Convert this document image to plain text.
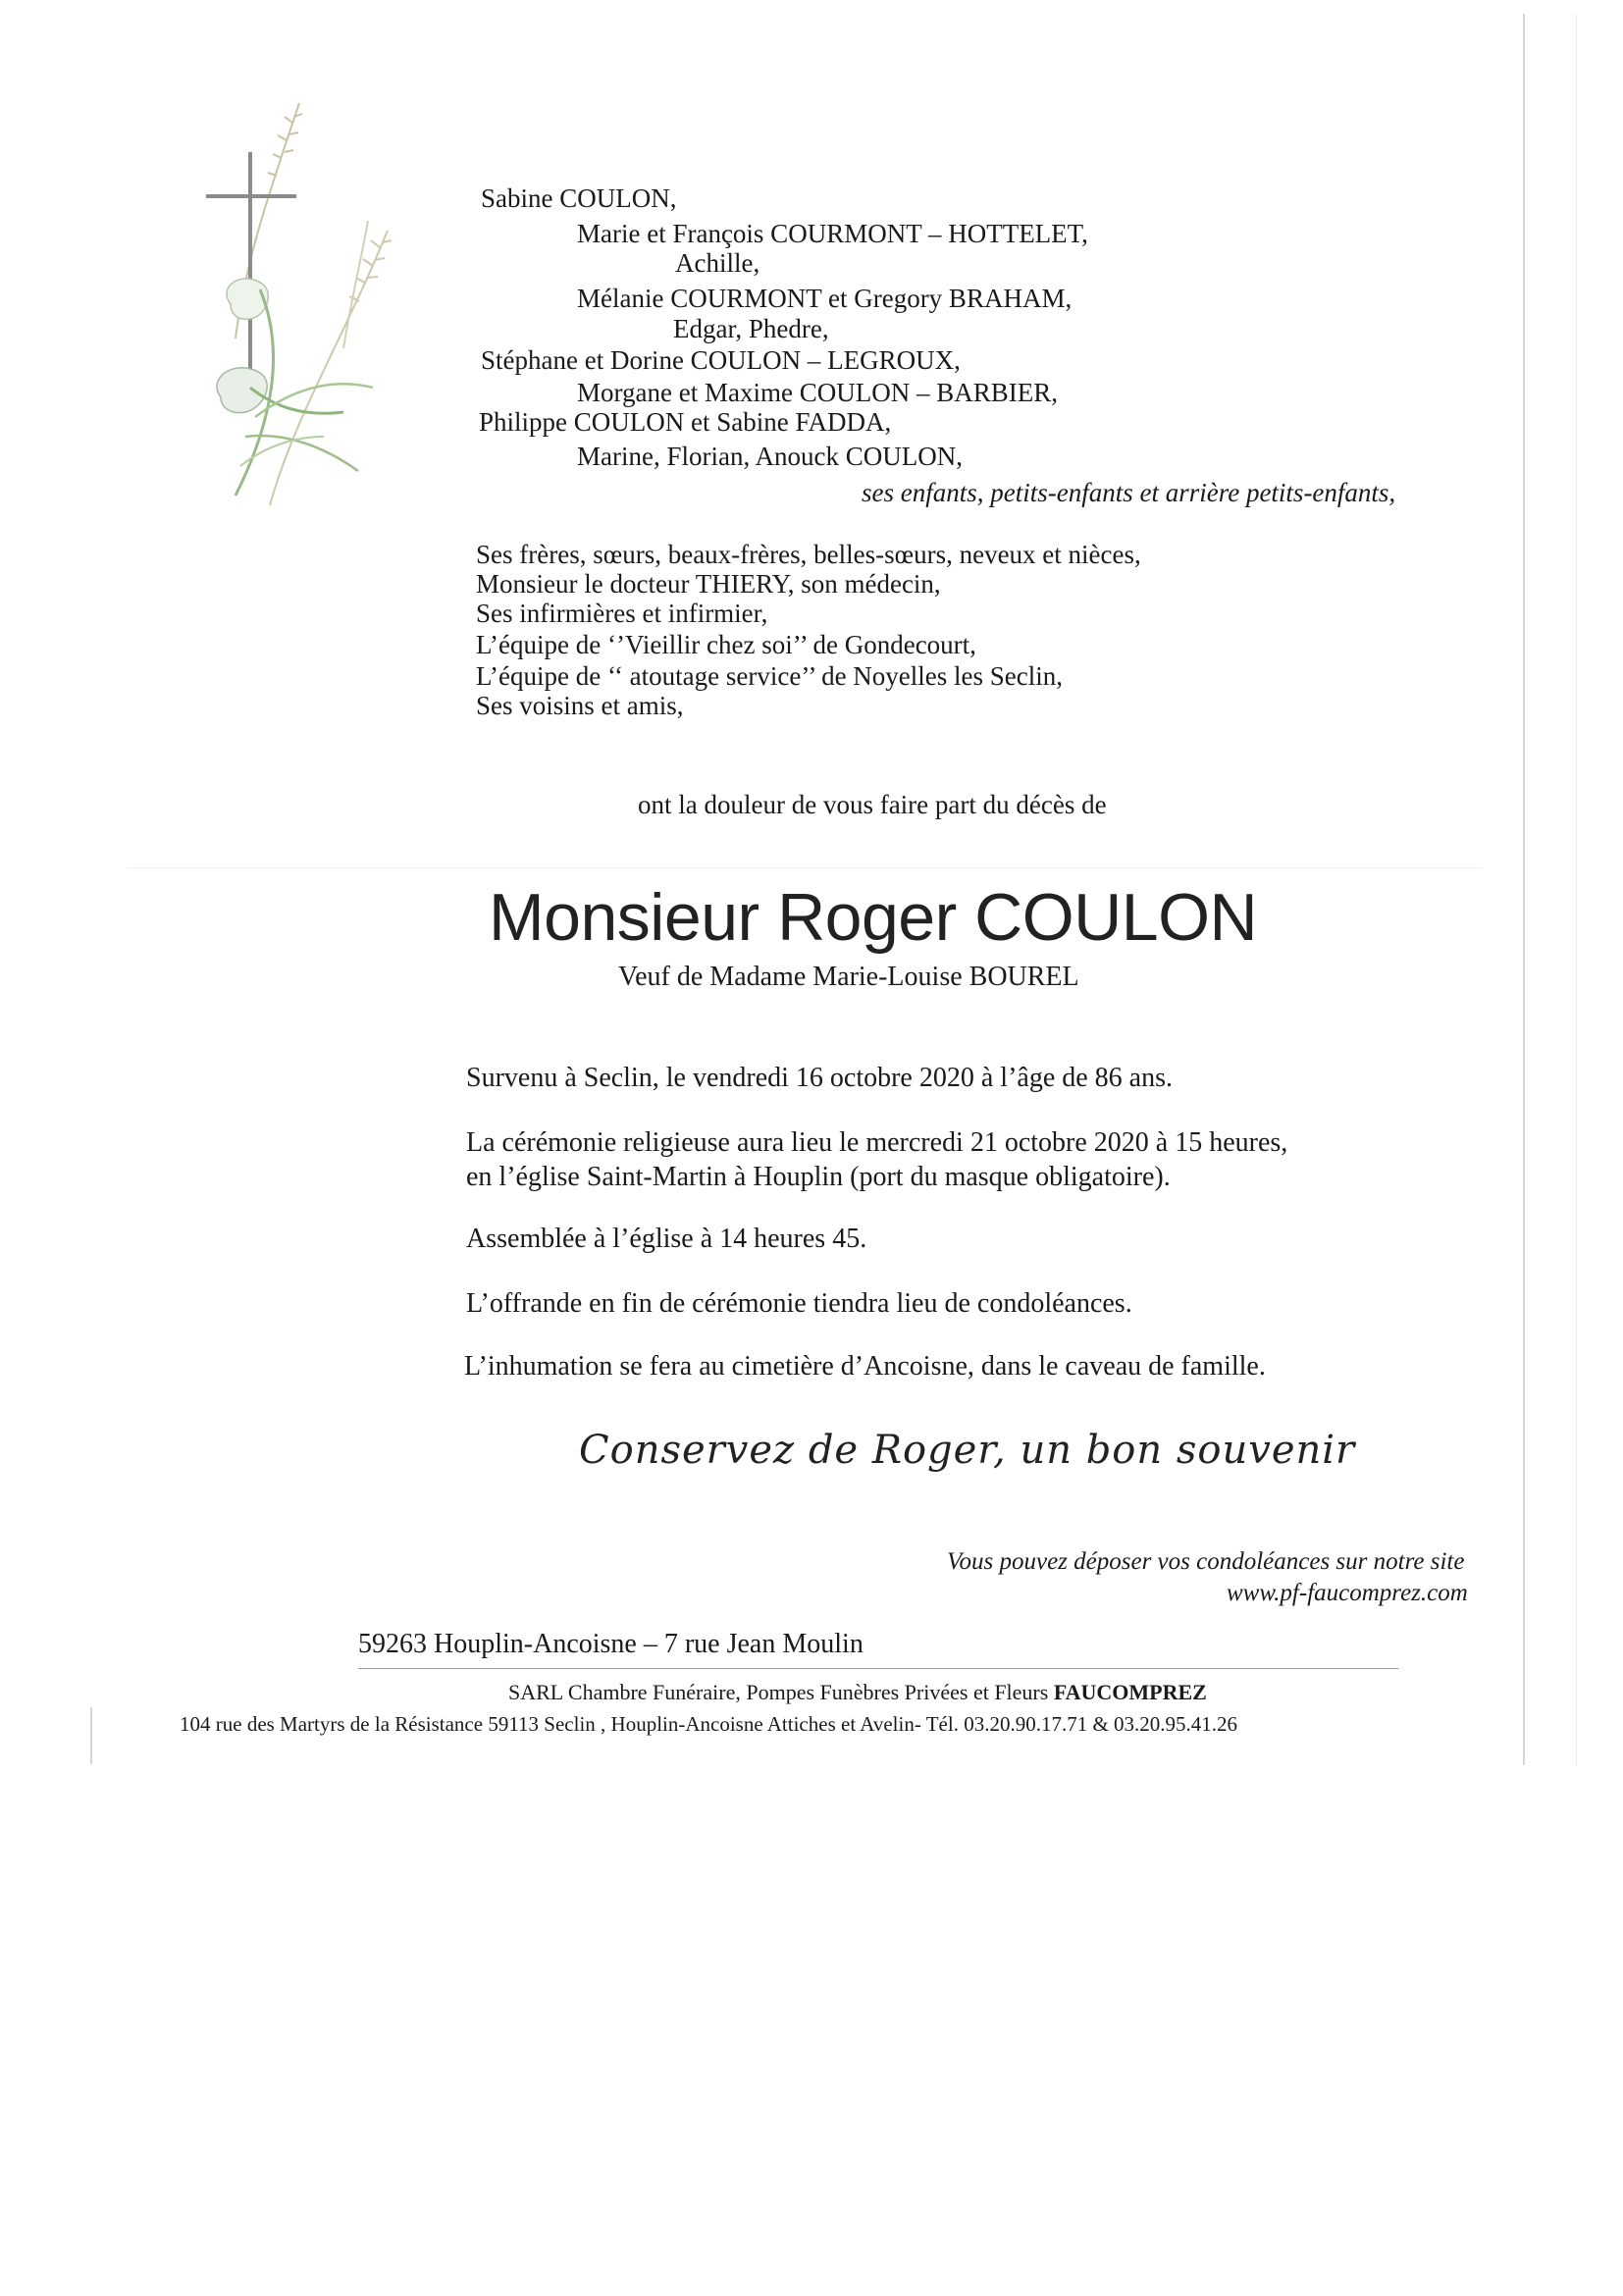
Sabine COULON,
Marie et François COURMONT – HOTTELET,
Achille,
Mélanie COURMONT et Gregory BRAHAM,
Edgar, Phedre,
Stéphane et Dorine COULON – LEGROUX,
Morgane et Maxime COULON – BARBIER,
Philippe COULON et Sabine FADDA,
Marine, Florian, Anouck COULON,
ses enfants, petits-enfants et arrière petits-enfants,
Ses frères, sœurs, beaux-frères, belles-sœurs, neveux et nièces,
Monsieur le docteur THIERY, son médecin,
Ses infirmières et infirmier,
L’équipe de ‘’Vieillir chez soi’’ de Gondecourt,
L’équipe de ‘‘ atoutage service’’ de Noyelles les Seclin,
Ses voisins et amis,
ont la douleur de vous faire part du décès de
Monsieur Roger COULON
Veuf de Madame Marie-Louise BOUREL
Survenu à Seclin, le vendredi 16 octobre 2020 à l’âge de 86 ans.
La cérémonie religieuse aura lieu le mercredi 21 octobre 2020 à 15 heures,
en l’église Saint-Martin à Houplin (port du masque obligatoire).
Assemblée à l’église à 14 heures 45.
L’offrande en fin de cérémonie tiendra lieu de condoléances.
L’inhumation se fera au cimetière d’Ancoisne, dans le caveau de famille.
Conservez de Roger, un bon souvenir
Vous pouvez déposer vos condoléances sur notre site
www.pf-faucomprez.com
59263 Houplin-Ancoisne – 7 rue Jean Moulin
SARL Chambre Funéraire, Pompes Funèbres Privées et Fleurs FAUCOMPREZ
104 rue des Martyrs de la Résistance 59113 Seclin , Houplin-Ancoisne Attiches et Avelin- Tél. 03.20.90.17.71 & 03.20.95.41.26
